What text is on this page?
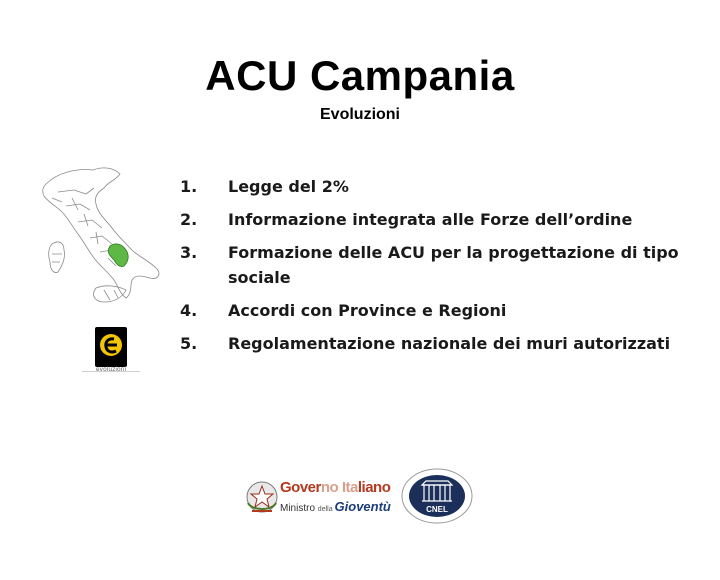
ACU Campania
Evoluzioni
evoluzioni
1.	Legge del 2%
2.	Informazione integrata alle Forze dell’ordine
3.	Formazione delle ACU per la progettazione di tipo sociale
4.	Accordi con Province e Regioni
5.	Regolamentazione nazionale dei muri autorizzati
Governo Italiano
Ministro della Gioventù	CNEL
